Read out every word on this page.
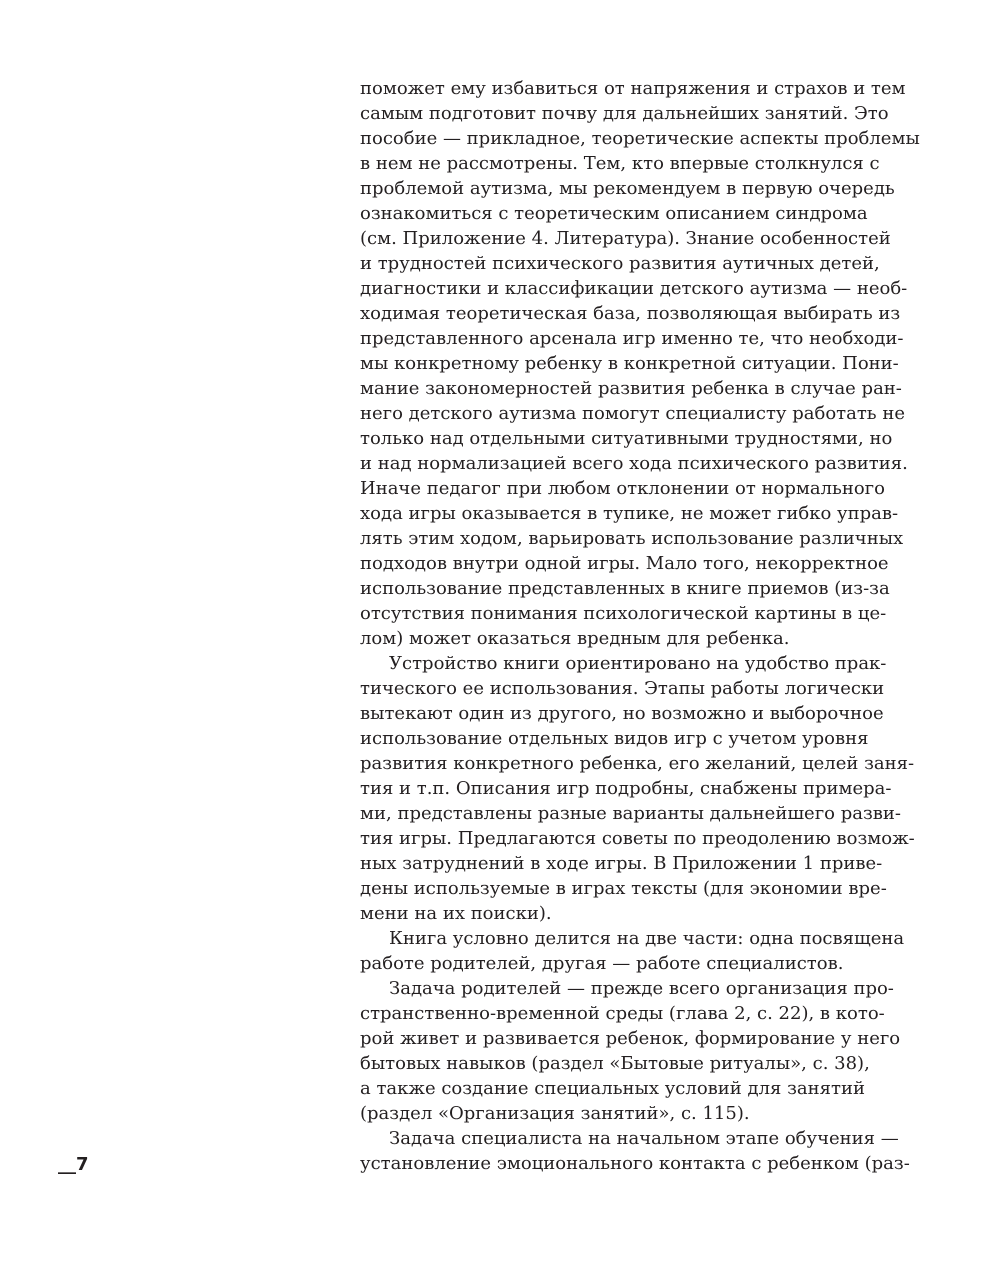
поможет ему избавиться от напряжения и страхов и тем
самым подготовит почву для дальнейших занятий. Это
пособие — прикладное, теоретические аспекты проблемы
в нем не рассмотрены. Тем, кто впервые столкнулся с
проблемой аутизма, мы рекомендуем в первую очередь
ознакомиться с теоретическим описанием синдрома
(см. Приложение 4. Литература). Знание особенностей
и трудностей психического развития аутичных детей,
диагностики и классификации детского аутизма — необ-
ходимая теоретическая база, позволяющая выбирать из
представленного арсенала игр именно те, что необходи-
мы конкретному ребенку в конкретной ситуации. Пони-
мание закономерностей развития ребенка в случае ран-
него детского аутизма помогут специалисту работать не
только над отдельными ситуативными трудностями, но
и над нормализацией всего хода психического развития.
Иначе педагог при любом отклонении от нормального
хода игры оказывается в тупике, не может гибко управ-
лять этим ходом, варьировать использование различных
подходов внутри одной игры. Мало того, некорректное
использование представленных в книге приемов (из-за
отсутствия понимания психологической картины в це-
лом) может оказаться вредным для ребенка.
Устройство книги ориентировано на удобство прак-
тического ее использования. Этапы работы логически
вытекают один из другого, но возможно и выборочное
использование отдельных видов игр с учетом уровня
развития конкретного ребенка, его желаний, целей заня-
тия и т.п. Описания игр подробны, снабжены примера-
ми, представлены разные варианты дальнейшего разви-
тия игры. Предлагаются советы по преодолению возмож-
ных затруднений в ходе игры. В Приложении 1 приве-
дены используемые в играх тексты (для экономии вре-
мени на их поиски).
Книга условно делится на две части: одна посвящена
работе родителей, другая — работе специалистов.
Задача родителей — прежде всего организация про-
странственно-временной среды (глава 2, с. 22), в кото-
рой живет и развивается ребенок, формирование у него
бытовых навыков (раздел «Бытовые ритуалы», с. 38),
а также создание специальных условий для занятий
(раздел «Организация занятий», с. 115).
Задача специалиста на начальном этапе обучения —
установление эмоционального контакта с ребенком (раз-
__7
